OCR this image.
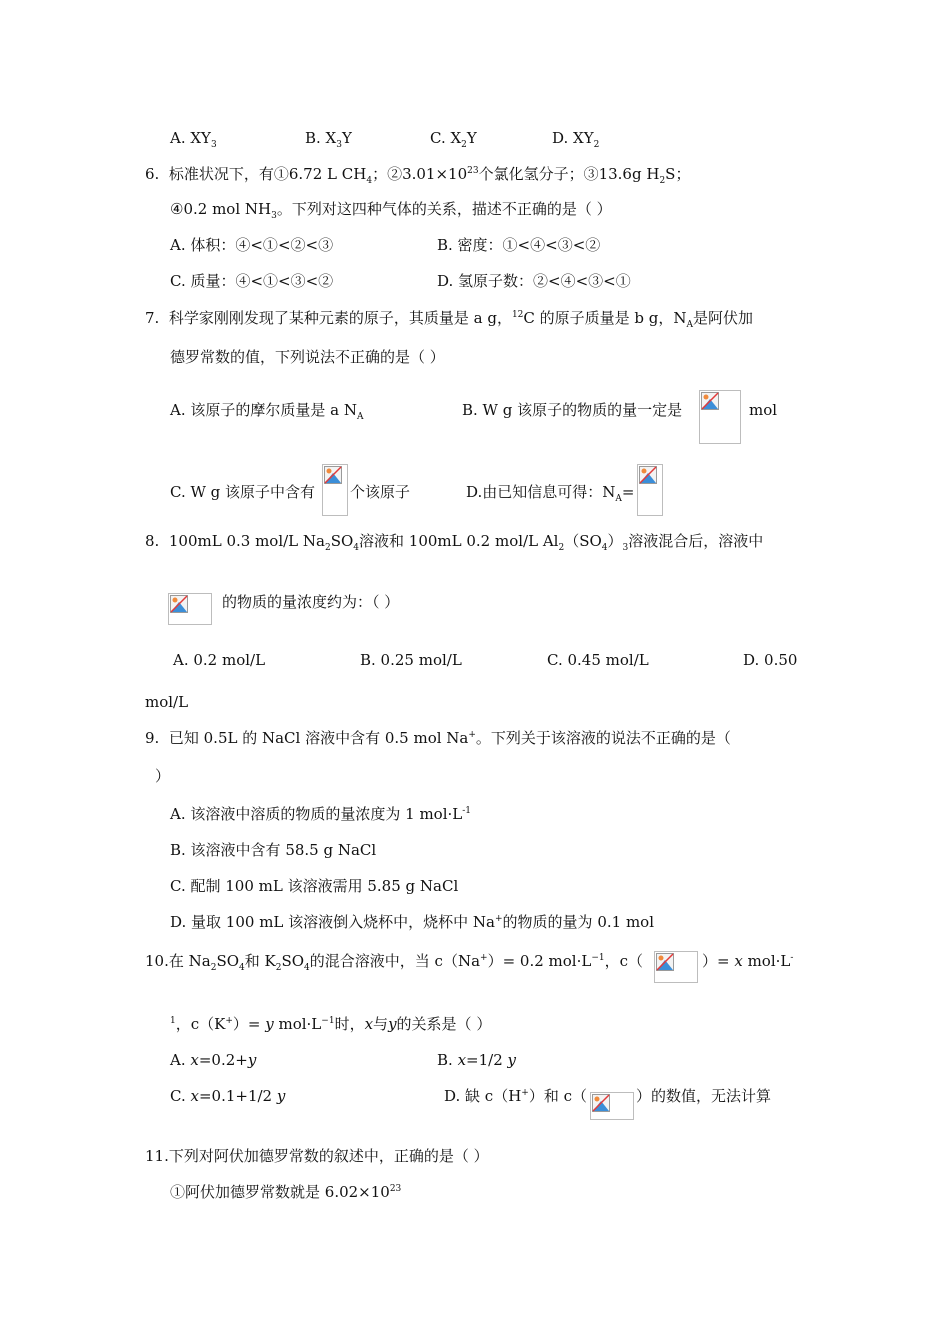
A. $XY_3$	B. $X_3Y$	C. $X_2Y$	D. $XY_2$
6. 标准状况下，有①6.72 L $CH_4$；$②3.01\times 10^{23}$个氯化氢分子；③13.6g $H_2S$；
④0.2 mol $NH_3$。下列对这四种气体的关系，描述不正确的是（ ）
A. 体积：④<①<②<③	B. 密度：①<④<③<②
C. 质量：④<①<③<②	D. 氢原子数：②<④<③<①
7. 科学家刚刚发现了某种元素的原子，其质量是 a g，$^{12}$C 的原子质量是 b g，$N_A$是阿伏加
德罗常数的值，下列说法不正确的是（ ）
A. 该原子的摩尔质量是 a $N_A$	B. W g 该原子的物质的量一定是	mol
C. W g 该原子中含有 个该原子	D.由已知信息可得：$N_A=$
8. 100mL 0.3 mol/L $Na_2SO_4$溶液和 100mL 0.2 mol/L $Al_2(SO_4)_3$溶液混合后，溶液中
的物质的量浓度约为：（ ）
A. 0.2 mol/L	B. 0.25 mol/L	C. 0.45 mol/L	D. 0.50
mol/L
9. 已知 0.5L 的 NaCl 溶液中含有 0.5 mol Na+。下列关于该溶液的说法不正确的是（
）
A. 该溶液中溶质的物质的量浓度为 1 $mol\cdot L^{-1}$
B. 该溶液中含有 58.5 g NaCl
C. 配制 100 mL 该溶液需用 5.85 g NaCl
D. 量取 100 mL 该溶液倒入烧杯中，烧杯中 Na+的物质的量为 0.1 mol
10.在 $Na_2SO_4$和 $K_2SO_4$的混合溶液中，当 c（Na+）= 0.2 $mol\cdot L^{-1}$，c（	）= x mol·L-
$^1$，c（K+）= y $mol\cdot L^{-1}$时，x与y的关系是（ ）
A. x=0.2+y	B. x=1/2 y
C. x=0.1+1/2 y	D. 缺 c（H+）和 c（	）的数值，无法计算
11.下列对阿伏加德罗常数的叙述中，正确的是（ ）
①阿伏加德罗常数就是 $6.02\times 10^{23}$
